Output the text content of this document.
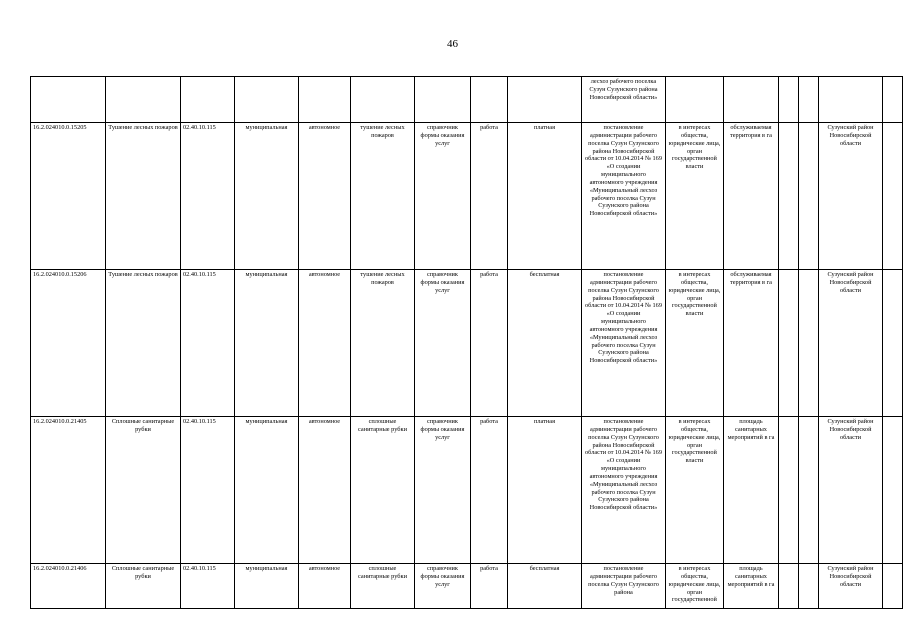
46
									лесхоз рабочего поселка Сузун Сузунского района Новосибирской области»						
16.2.024010.0.15205	Тушение лесных пожаров	02.40.10.115	муниципальная	автономное	тушение лесных пожаров	справочник формы оказания услуг	работа	платная	постановление администрации рабочего поселка Сузун Сузунского района Новосибирской области от 10.04.2014 № 169 «О создании муниципального автономного учреждения «Муниципальный лесхоз рабочего поселка Сузун Сузунского района Новосибирской области»	в интересах общества, юридические лица, орган государственной власти	обслуживаемая территория в га			Сузунский район Новосибирской области	
16.2.024010.0.15206	Тушение лесных пожаров	02.40.10.115	муниципальная	автономное	тушение лесных пожаров	справочник формы оказания услуг	работа	бесплатная	постановление администрации рабочего поселка Сузун Сузунского района Новосибирской области от 10.04.2014 № 169 «О создании муниципального автономного учреждения «Муниципальный лесхоз рабочего поселка Сузун Сузунского района Новосибирской области»	в интересах общества, юридические лица, орган государственной власти	обслуживаемая территория в га			Сузунский район Новосибирской области	
16.2.024010.0.21405	Сплошные санитарные рубки	02.40.10.115	муниципальная	автономное	сплошные санитарные рубки	справочник формы оказания услуг	работа	платная	постановление администрации рабочего поселка Сузун Сузунского района Новосибирской области от 10.04.2014 № 169 «О создании муниципального автономного учреждения «Муниципальный лесхоз рабочего поселка Сузун Сузунского района Новосибирской области»	в интересах общества, юридические лица, орган государственной власти	площадь санитарных мероприятий в га			Сузунский район Новосибирской области	
16.2.024010.0.21406	Сплошные санитарные рубки	02.40.10.115	муниципальная	автономное	сплошные санитарные рубки	справочник формы оказания услуг	работа	бесплатная	постановление администрации рабочего поселка Сузун Сузунского района	в интересах общества, юридические лица, орган государственной	площадь санитарных мероприятий в га			Сузунский район Новосибирской области	
